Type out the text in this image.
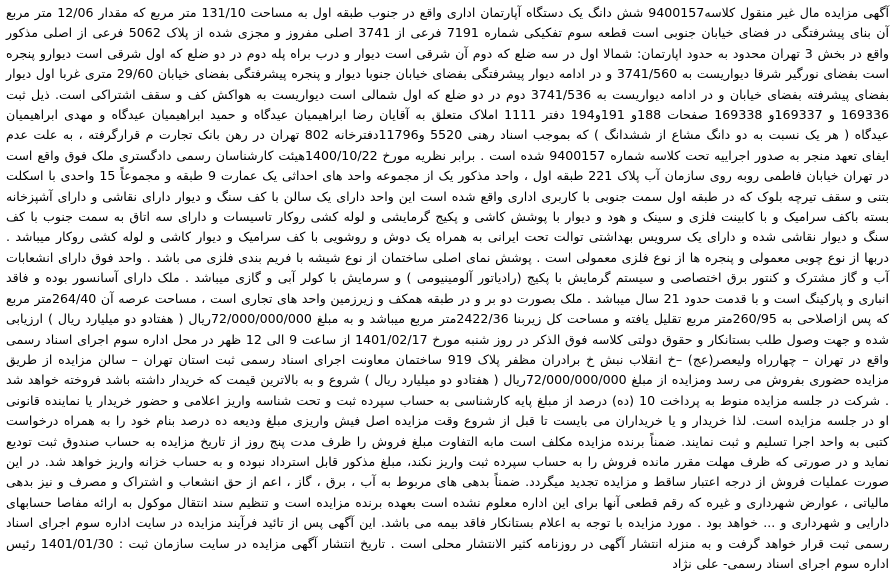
آگهی مزایده مال غیر منقول کلاسه9400157 شش دانگ یک دستگاه آپارتمان اداری واقع در جنوب طبقه اول به مساحت 131/10 متر مربع که مقدار 12/06 متر مربع آن بنای پیشرفتگی در فضای خیابان جنوبی است قطعه سوم تفکیکی شماره 7191 فرعی از 3741 اصلی مفروز و مجزی شده از پلاک 5062 فرعی از اصلی مذکور واقع در بخش 3 تهران محدود به حدود اپارتمان: شمالا اول در سه ضلع که دوم آن شرقی است دیوار و درب براه پله دوم در دو ضلع که اول شرقی است دیوارو پنجره است بفضای نورگیر شرقا دیواریست به 3741/560 و در ادامه دیوار پیشرفتگی بفضای خیابان جنوبا دیوار و پنجره پیشرفتگی بفضای خیابان 29/60 متری غربا اول دیوار بفضای پیشرفته بفضای خیابان و در ادامه دیواریست به 3741/536 دوم در دو ضلع که اول شمالی است دیواریست به هواکش کف و سقف اشتراکی است. ذیل ثبت 169336 و 169337و 169338 صفحات 188و 191و194 دفتر 1111 املاک متعلق به آقایان رضا ابراهیمیان عیدگاه و حمید ابراهیمیان عیدگاه و مهدی ابراهیمیان عیدگاه ( هر یک نسبت به دو دانگ مشاع از ششدانگ ) که بموجب اسناد رهنی 5520 و11796دفترخانه 802 تهران در رهن بانک تجارت م قرارگرفته ، به علت عدم ایفای تعهد منجر به صدور اجراییه تحت کلاسه شماره 9400157 شده است . برابر نظریه مورخ 1400/10/22هیئت کارشناسان رسمی دادگستری ملک فوق واقع است در تهران خیابان فاطمی روبه روی سازمان آب پلاک 221 طبقه اول ، واحد مذکور یک از مجموعه واحد های احداثی یک عمارت 9 طبقه و مجموعاً 15 واحدی با اسکلت بتنی و سقف تیرچه بلوک که در طبقه اول سمت جنوبی با کاربری اداری واقع شده است این واحد دارای یک سالن با کف سنگ و دیوار دارای نقاشی و دارای آشپزخانه بسته باکف سرامیک و با کابینت فلزی و سینک و هود و دیوار با پوشش کاشی و پکیج گرمایشی و لوله کشی روکار تاسیسات و دارای سه اتاق به سمت جنوب با کف سنگ و دیوار نقاشی شده و دارای یک سرویس بهداشتی توالت تحت ایرانی به همراه یک دوش و روشویی با کف سرامیک و دیوار کاشی و لوله کشی روکار میباشد . دربها از نوع چوبی معمولی و پنجره ها از نوع فلزی معمولی است . پوشش نمای اصلی ساختمان از نوع شیشه با فریم بندی فلزی می باشد . واحد فوق دارای انشعابات آب و گاز مشترک و کنتور برق اختصاصی و سیستم گرمایش با پکیج (رادیاتور آلومینیومی ) و سرمایش با کولر آبی و گازی میباشد . ملک دارای آسانسور بوده و فاقد انباری و پارکینگ است و با قدمت حدود 21 سال میباشد . ملک بصورت دو بر و در طبقه همکف و زیرزمین واحد های تجاری است ، مساحت عرصه آن 264/40متر مربع که پس ازاصلاحی به 260/95متر مربع تقلیل یافته و مساحت کل زیربنا 2422/36متر مربع میباشد و به مبلغ 72/000/000/000ریال ( هفتادو دو میلیارد ریال ) ارزیابی شده و جهت وصول طلب بستانکار و حقوق دولتی کلاسه فوق الذکر در روز شنبه مورخ 1401/02/17 از ساعت 9 الی 12 ظهر در محل اداره سوم اجرای اسناد رسمی واقع در تهران – چهارراه ولیعصر(عج) –خ انقلاب نبش خ برادران مظفر پلاک 919 ساختمان معاونت اجرای اسناد رسمی ثبت استان تهران – سالن مزایده از طریق مزایده حضوری بفروش می رسد ومزایده از مبلغ 72/000/000/000ریال ( هفتادو دو میلیارد ریال ) شروع و به بالاترین قیمت که خریدار داشته باشد فروخته خواهد شد . شرکت در جلسه مزایده منوط به پرداخت 10 (ده) درصد از مبلغ پایه کارشناسی به حساب سپرده ثبت و تحت شناسه واریز اعلامی و حضور خریدار یا نماینده قانونی او در جلسه مزایده است. لذا خریدار و یا خریداران می بایست تا قبل از شروع وقت مزایده اصل فیش واریزی مبلغ ودیعه ده درصد بنام خود را به همراه درخواست کتبی به واحد اجرا تسلیم و ثبت نمایند. ضمناً برنده مزایده مکلف است مابه التفاوت مبلغ فروش را ظرف مدت پنج روز از تاریخ مزایده به حساب صندوق ثبت تودیع نماید و در صورتی که ظرف مهلت مقرر مانده فروش را به حساب سپرده ثبت واریز نکند، مبلغ مذکور قابل استرداد نبوده و به حساب خزانه واریز خواهد شد. در این صورت عملیات فروش از درجه اعتبار ساقط و مزایده تجدید میگردد. ضمناً بدهی های مربوط به آب ، برق ، گاز ، اعم از حق انشعاب و اشتراک و مصرف و نیز بدهی مالیاتی ، عوارض شهرداری و غیره که رقم قطعی آنها برای این اداره معلوم نشده است بعهده برنده مزایده است و تنظیم سند انتقال موکول به ارائه مفاصا حسابهای دارایی و شهرداری و ... خواهد بود . مورد مزایده با توجه به اعلام بستانکار فاقد بیمه می باشد. این آگهی پس از تائید فرآیند مزایده در سایت اداره سوم اجرای اسناد رسمی ثبت قرار خواهد گرفت و به منزله انتشار آگهی در روزنامه کثیر الانتشار محلی است . تاریخ انتشار آگهی مزایده در سایت سازمان ثبت : 1401/01/30 رئیس اداره سوم اجرای اسناد رسمی- علی نژاد
